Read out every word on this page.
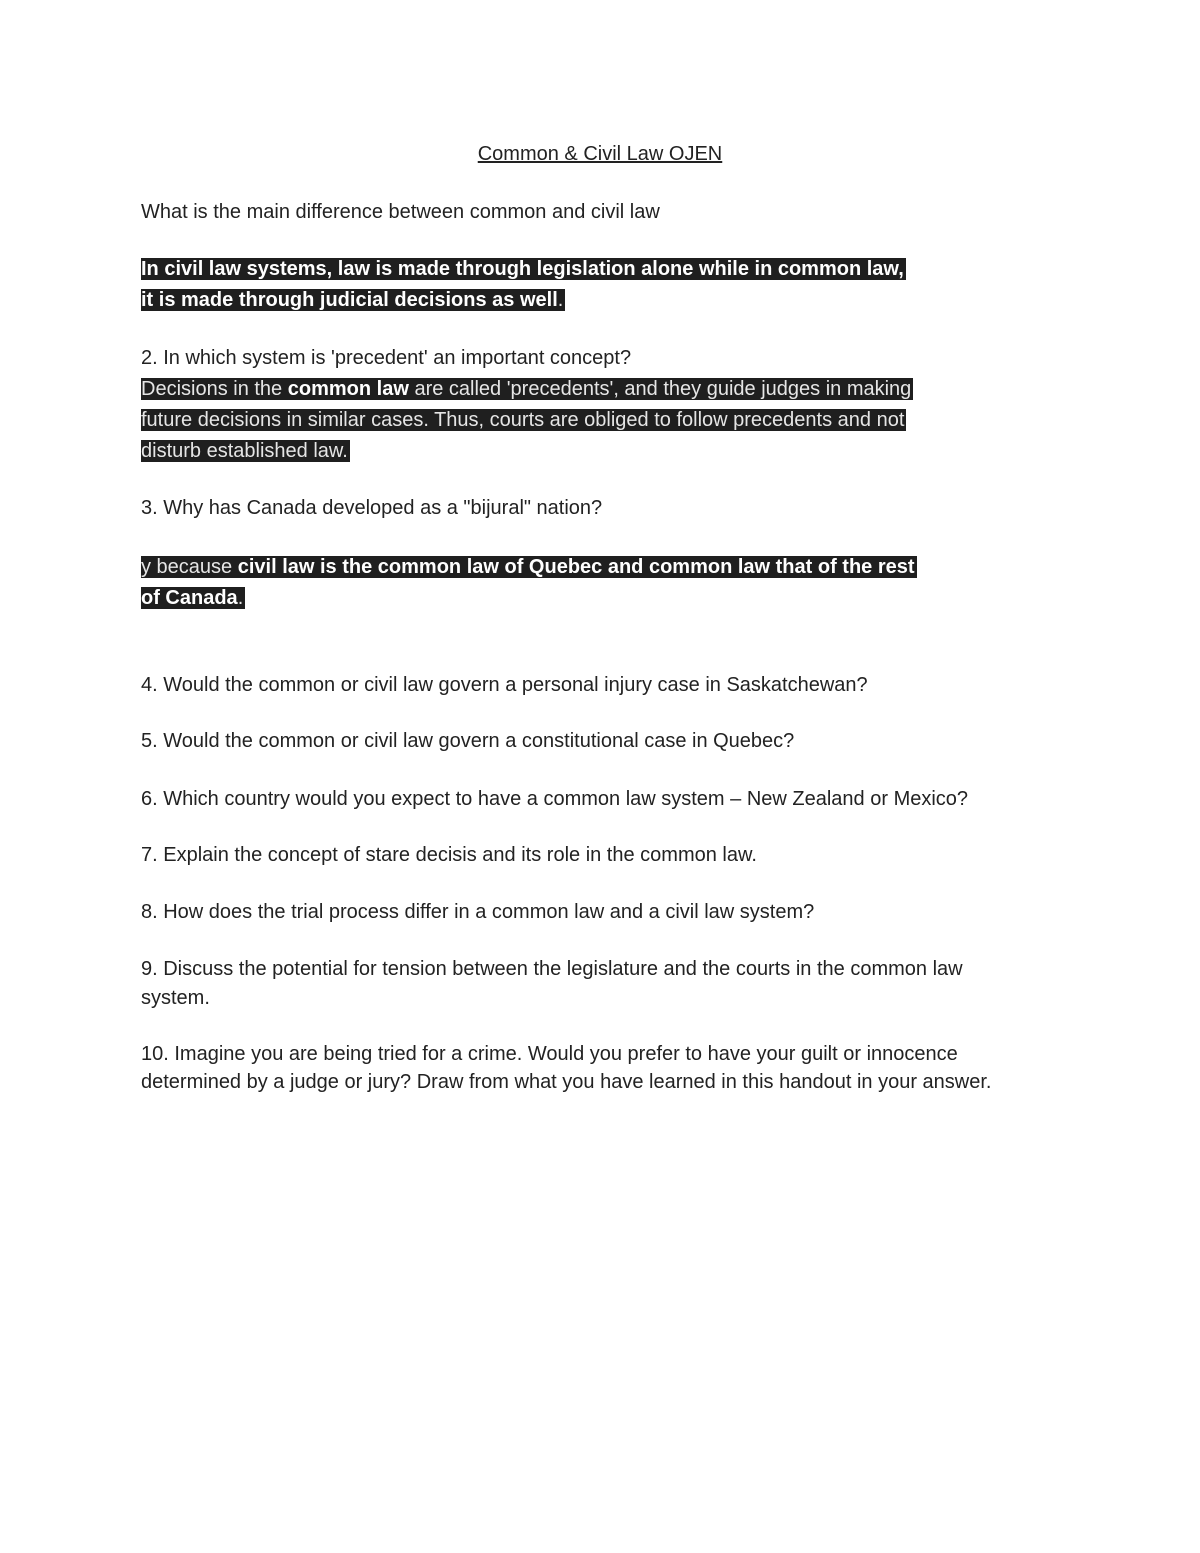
Common & Civil Law OJEN

What is the main difference between common and civil law

In civil law systems, law is made through legislation alone while in common law,

it is made through judicial decisions as well.

2. In which system is 'precedent' an important concept?

Decisions in the common law are called 'precedents', and they guide judges in making

future decisions in similar cases. Thus, courts are obliged to follow precedents and not

disturb established law.

3. Why has Canada developed as a "bijural" nation?

y because civil law is the common law of Quebec and common law that of the rest

of Canada.

4. Would the common or civil law govern a personal injury case in Saskatchewan?

5. Would the common or civil law govern a constitutional case in Quebec?

6. Which country would you expect to have a common law system – New Zealand or Mexico?

7. Explain the concept of stare decisis and its role in the common law.

8. How does the trial process differ in a common law and a civil law system?

9. Discuss the potential for tension between the legislature and the courts in the common law

system.

10. Imagine you are being tried for a crime. Would you prefer to have your guilt or innocence

determined by a judge or jury? Draw from what you have learned in this handout in your answer.
